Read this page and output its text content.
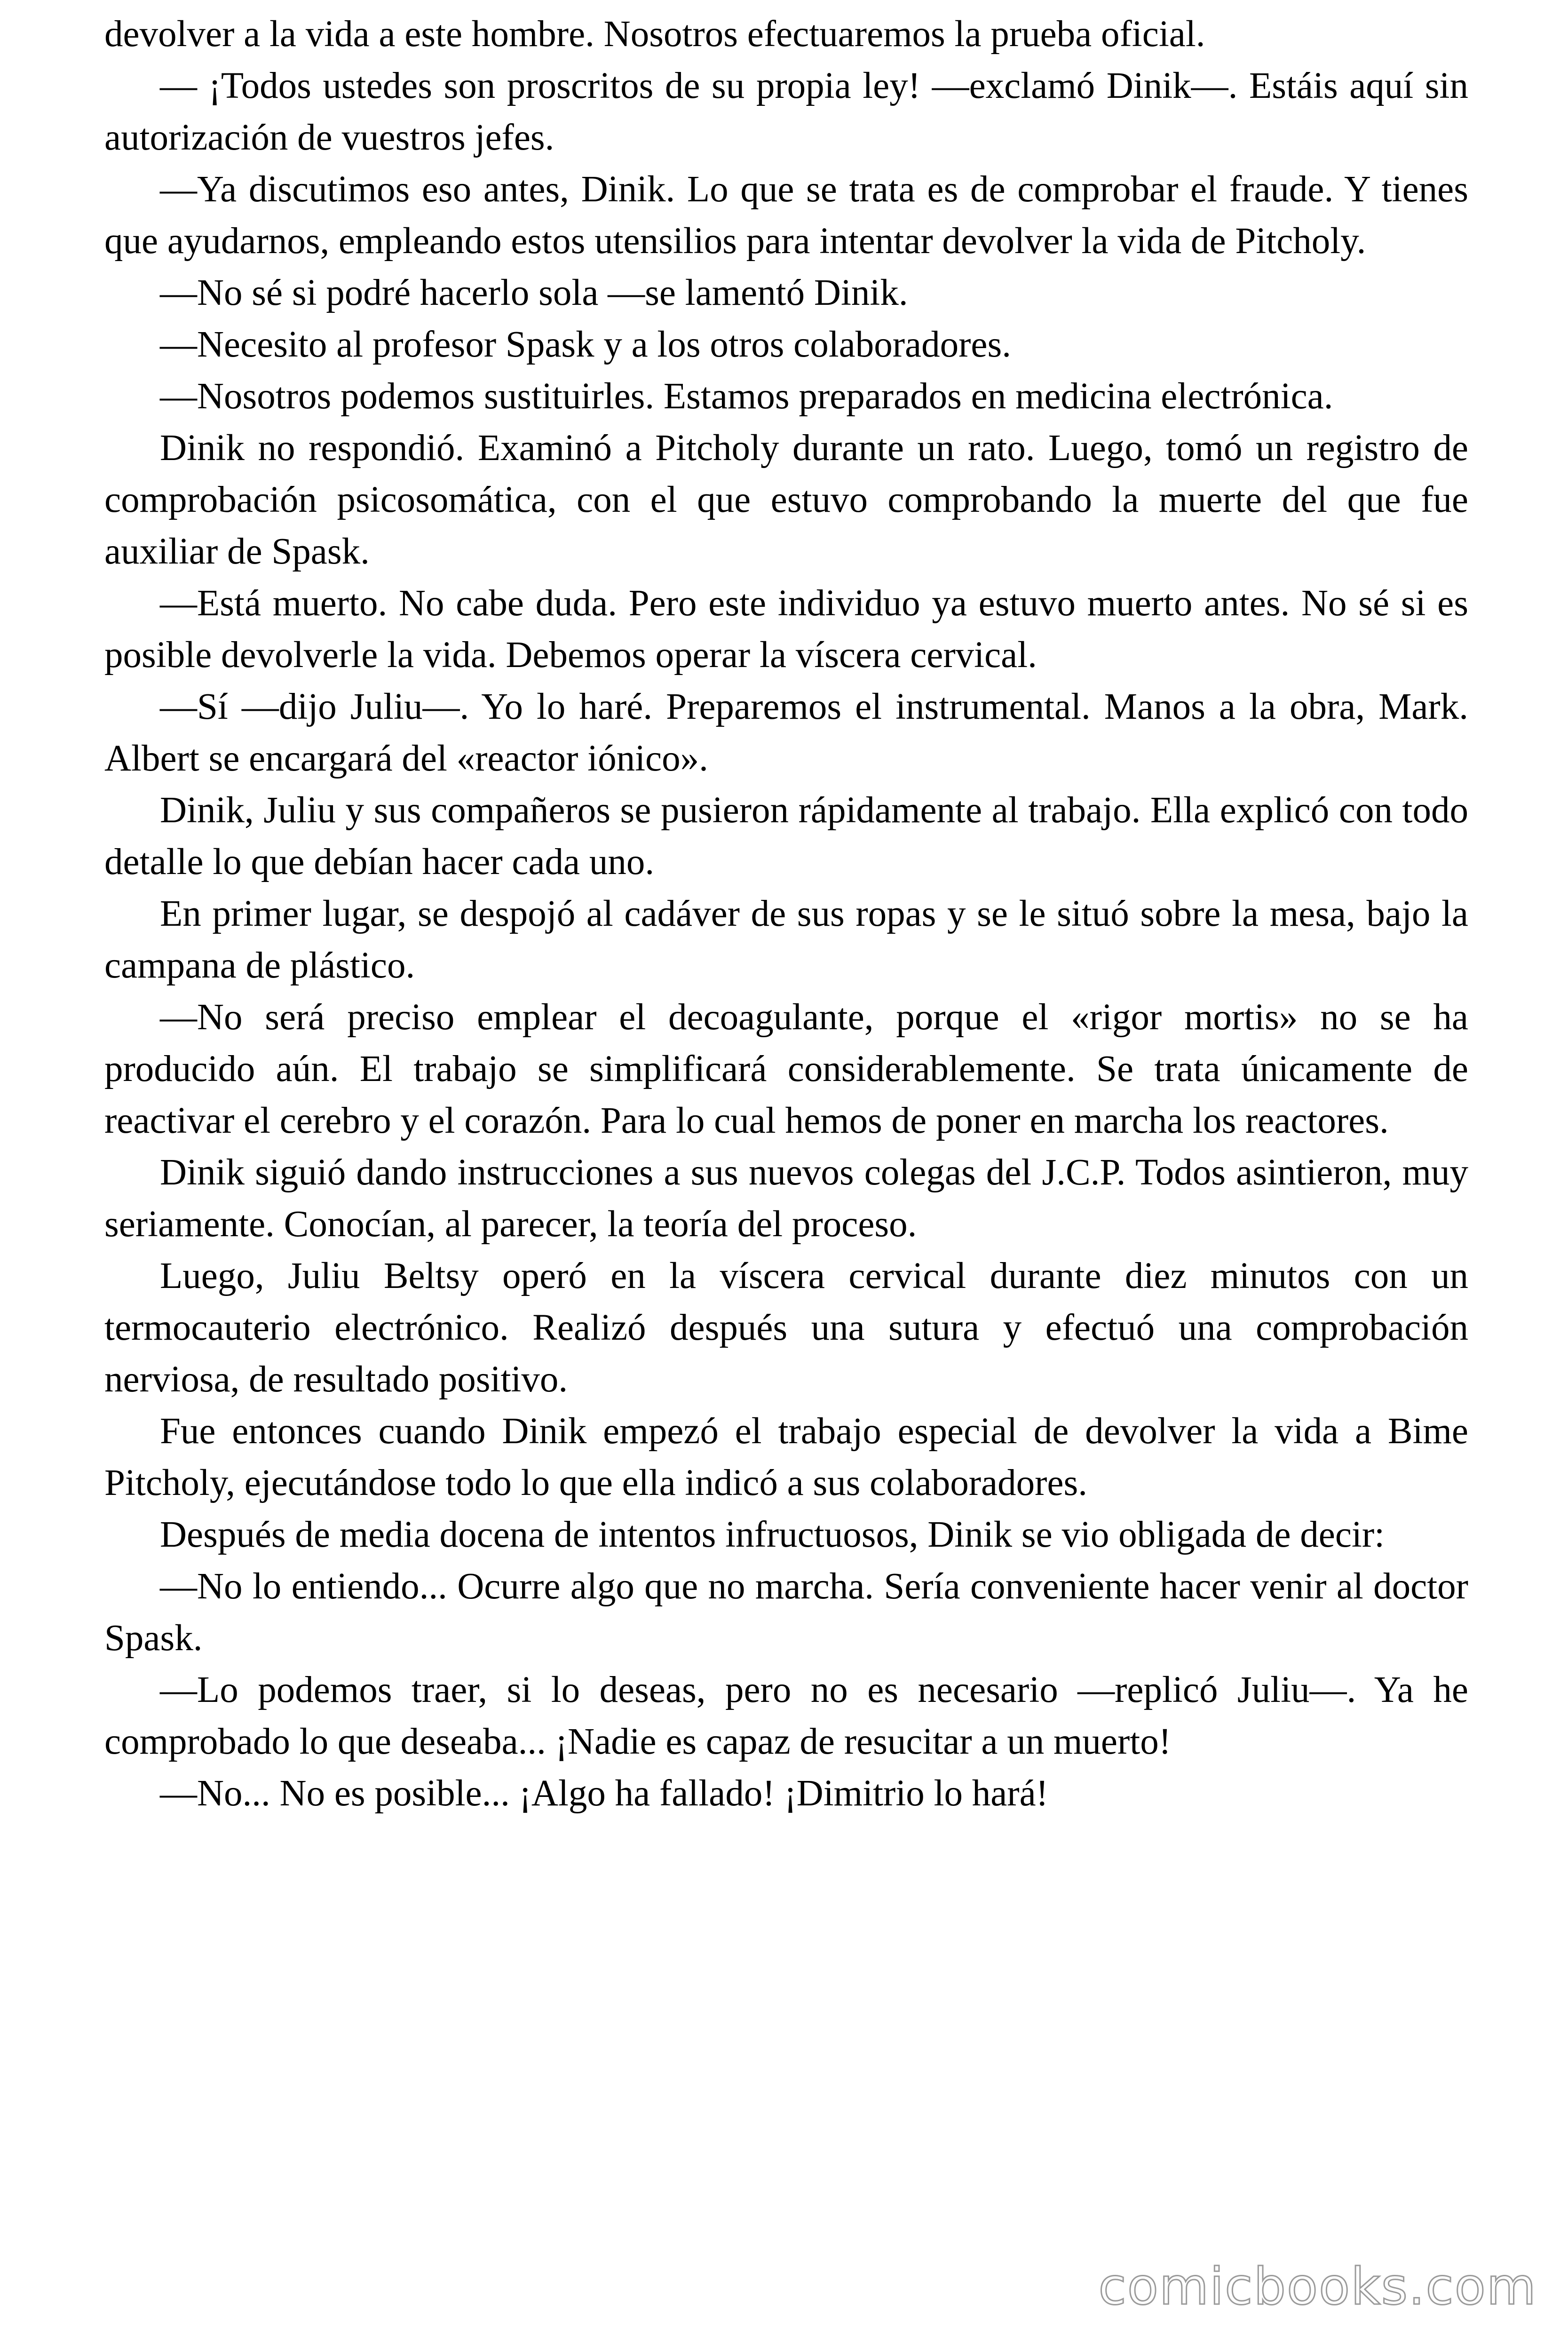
devolver a la vida a este hombre. Nosotros efectuaremos la prueba oficial.

— ¡Todos ustedes son proscritos de su propia ley! —exclamó Dinik—. Estáis aquí sin autorización de vuestros jefes.

—Ya discutimos eso antes, Dinik. Lo que se trata es de comprobar el fraude. Y tienes que ayudarnos, empleando estos utensilios para intentar devolver la vida de Pitcholy.

—No sé si podré hacerlo sola —se lamentó Dinik.

—Necesito al profesor Spask y a los otros colaboradores.

—Nosotros podemos sustituirles. Estamos preparados en medicina electrónica.

Dinik no respondió. Examinó a Pitcholy durante un rato. Luego, tomó un registro de comprobación psicosomática, con el que estuvo comprobando la muerte del que fue auxiliar de Spask.

—Está muerto. No cabe duda. Pero este individuo ya estuvo muerto antes. No sé si es posible devolverle la vida. Debemos operar la víscera cervical.

—Sí —dijo Juliu—. Yo lo haré. Preparemos el instrumental. Manos a la obra, Mark. Albert se encargará del «reactor iónico».

Dinik, Juliu y sus compañeros se pusieron rápidamente al trabajo. Ella explicó con todo detalle lo que debían hacer cada uno.

En primer lugar, se despojó al cadáver de sus ropas y se le situó sobre la mesa, bajo la campana de plástico.

—No será preciso emplear el decoagulante, porque el «rigor mortis» no se ha producido aún. El trabajo se simplificará considerablemente. Se trata únicamente de reactivar el cerebro y el corazón. Para lo cual hemos de poner en marcha los reactores.

Dinik siguió dando instrucciones a sus nuevos colegas del J.C.P. Todos asintieron, muy seriamente. Conocían, al parecer, la teoría del proceso.

Luego, Juliu Beltsy operó en la víscera cervical durante diez minutos con un termocauterio electrónico. Realizó después una sutura y efectuó una comprobación nerviosa, de resultado positivo.

Fue entonces cuando Dinik empezó el trabajo especial de devolver la vida a Bime Pitcholy, ejecutándose todo lo que ella indicó a sus colaboradores.

Después de media docena de intentos infructuosos, Dinik se vio obligada de decir:

—No lo entiendo... Ocurre algo que no marcha. Sería conveniente hacer venir al doctor Spask.

—Lo podemos traer, si lo deseas, pero no es necesario —replicó Juliu—. Ya he comprobado lo que deseaba... ¡Nadie es capaz de resucitar a un muerto!

—No... No es posible... ¡Algo ha fallado! ¡Dimitrio lo hará!

comicbooks.com
